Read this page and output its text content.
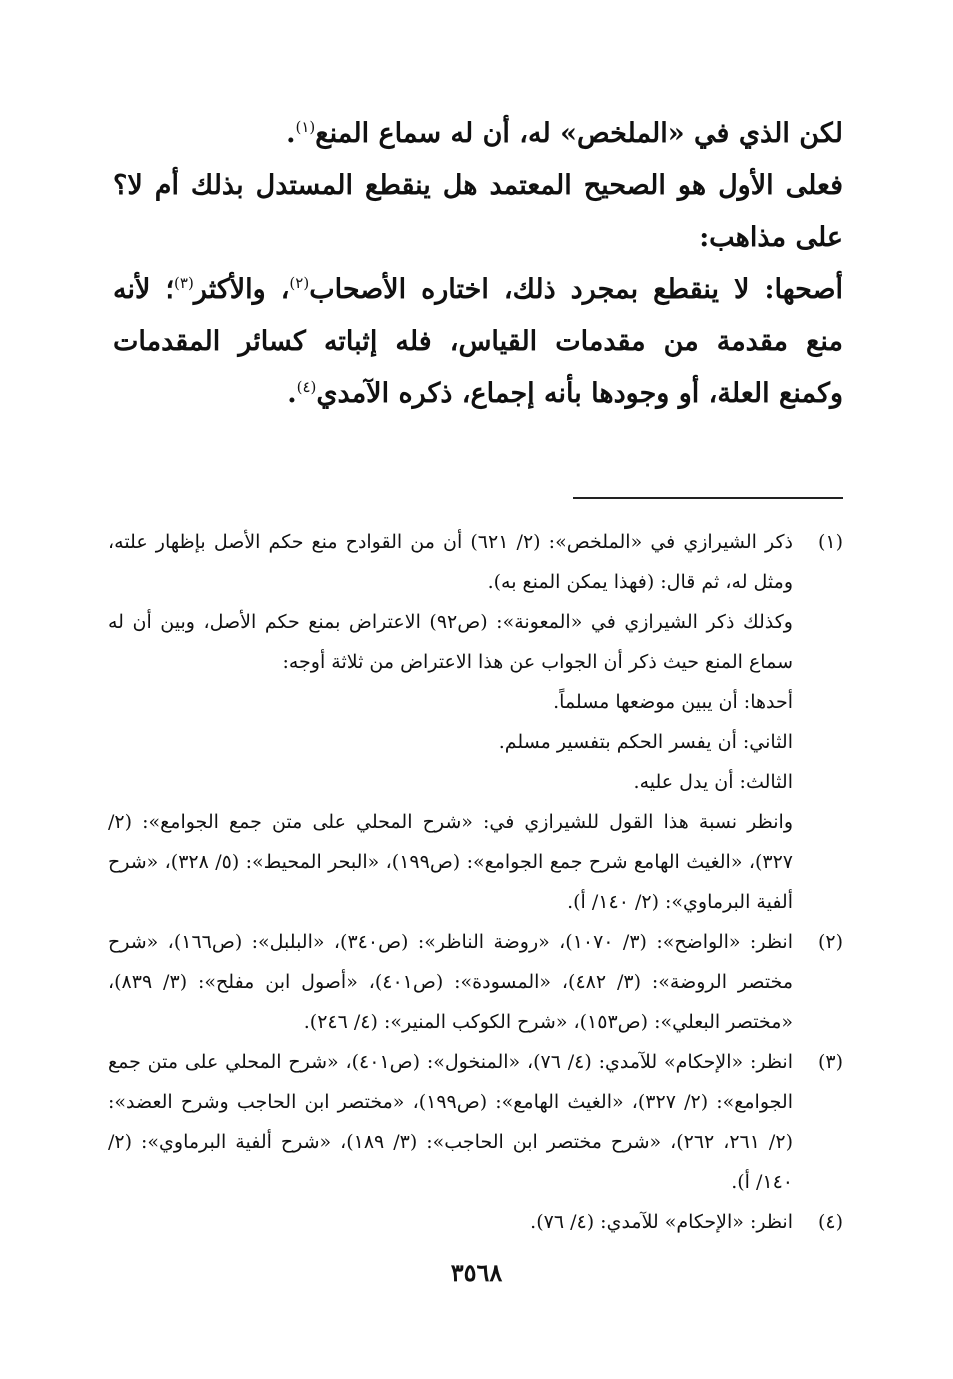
لكن الذي في «الملخص» له، أن له سماع المنع$^{(١)}$.

فعلى الأول هو الصحيح المعتمد هل ينقطع المستدل بذلك أم لا؟ على مذاهب:

أصحها: لا ينقطع بمجرد ذلك، اختاره الأصحاب$^{(٢)}$، والأكثر$^{(٣)}$؛ لأنه منع مقدمة من مقدمات القياس، فله إثباته كسائر المقدمات وكمنع العلة، أو وجودها بأنه إجماع، ذكره الآمدي$^{(٤)}$.

(١)
ذكر الشيرازي في «الملخص»: (٢/ ٦٢١) أن من القوادح منع حكم الأصل بإظهار علته، ومثل له، ثم قال: (فهذا يمكن المنع به).
وكذلك ذكر الشيرازي في «المعونة»: (ص٩٢) الاعتراض بمنع حكم الأصل، وبين أن له سماع المنع حيث ذكر أن الجواب عن هذا الاعتراض من ثلاثة أوجه:
أحدها: أن يبين موضعها مسلماً.
الثاني: أن يفسر الحكم بتفسير مسلم.
الثالث: أن يدل عليه.
وانظر نسبة هذا القول للشيرازي في: «شرح المحلي على متن جمع الجوامع»: (٢/ ٣٢٧)، «الغيث الهامع شرح جمع الجوامع»: (ص١٩٩)، «البحر المحيط»: (٥/ ٣٢٨)، «شرح ألفية البرماوي»: (٢/ ١٤٠/ أ).
(٢)
انظر: «الواضح»: (٣/ ١٠٧٠)، «روضة الناظر»: (ص٣٤٠)، «البلبل»: (ص١٦٦)، «شرح مختصر الروضة»: (٣/ ٤٨٢)، «المسودة»: (ص٤٠١)، «أصول ابن مفلح»: (٣/ ٨٣٩)، «مختصر البعلي»: (ص١٥٣)، «شرح الكوكب المنير»: (٤/ ٢٤٦).
(٣)
انظر: «الإحكام» للآمدي: (٤/ ٧٦)، «المنخول»: (ص٤٠١)، «شرح المحلي على متن جمع الجوامع»: (٢/ ٣٢٧)، «الغيث الهامع»: (ص١٩٩)، «مختصر ابن الحاجب وشرح العضد»: (٢/ ٢٦١، ٢٦٢)، «شرح مختصر ابن الحاجب»: (٣/ ١٨٩)، «شرح ألفية البرماوي»: (٢/ ١٤٠/ أ).
(٤)
انظر: «الإحكام» للآمدي: (٤/ ٧٦).
٣٥٦٨
